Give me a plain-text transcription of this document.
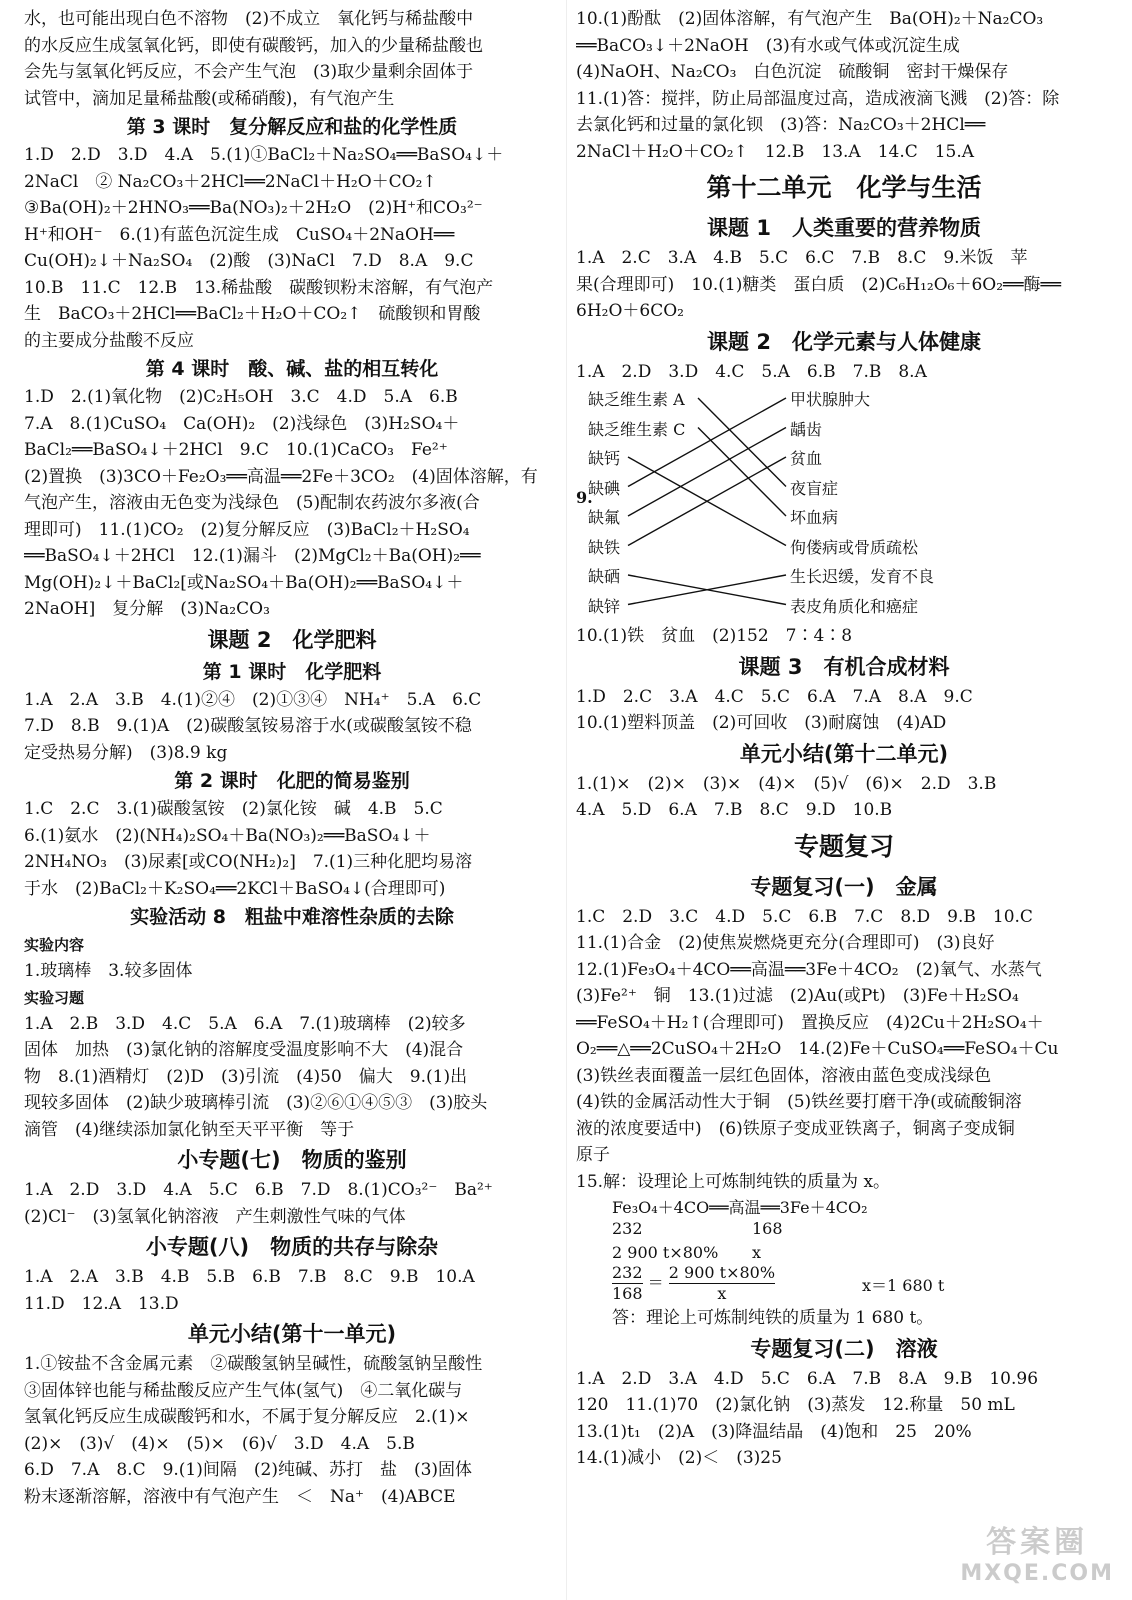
水，也可能出现白色不溶物　(2)不成立　氧化钙与稀盐酸中
的水反应生成氢氧化钙，即使有碳酸钙，加入的少量稀盐酸也
会先与氢氧化钙反应，不会产生气泡　(3)取少量剩余固体于
试管中，滴加足量稀盐酸(或稀硝酸)，有气泡产生
第 3 课时　复分解反应和盐的化学性质
1.D　2.D　3.D　4.A　5.(1)①BaCl₂＋Na₂SO₄══BaSO₄↓＋
2NaCl　② Na₂CO₃＋2HCl══2NaCl＋H₂O＋CO₂↑
③Ba(OH)₂＋2HNO₃══Ba(NO₃)₂＋2H₂O　(2)H⁺和CO₃²⁻
H⁺和OH⁻　6.(1)有蓝色沉淀生成　CuSO₄＋2NaOH══
Cu(OH)₂↓＋Na₂SO₄　(2)酸　(3)NaCl　7.D　8.A　9.C
10.B　11.C　12.B　13.稀盐酸　碳酸钡粉末溶解，有气泡产
生　BaCO₃＋2HCl══BaCl₂＋H₂O＋CO₂↑　硫酸钡和胃酸
的主要成分盐酸不反应
第 4 课时　酸、碱、盐的相互转化
1.D　2.(1)氧化物　(2)C₂H₅OH　3.C　4.D　5.A　6.B
7.A　8.(1)CuSO₄　Ca(OH)₂　(2)浅绿色　(3)H₂SO₄＋
BaCl₂══BaSO₄↓＋2HCl　9.C　10.(1)CaCO₃　Fe²⁺
(2)置换　(3)3CO＋Fe₂O₃══高温══2Fe＋3CO₂　(4)固体溶解，有
气泡产生，溶液由无色变为浅绿色　(5)配制农药波尔多液(合
理即可)　11.(1)CO₂　(2)复分解反应　(3)BaCl₂＋H₂SO₄
══BaSO₄↓＋2HCl　12.(1)漏斗　(2)MgCl₂＋Ba(OH)₂══
Mg(OH)₂↓＋BaCl₂[或Na₂SO₄＋Ba(OH)₂══BaSO₄↓＋
2NaOH]　复分解　(3)Na₂CO₃
课题 2　化学肥料
第 1 课时　化学肥料
1.A　2.A　3.B　4.(1)②④　(2)①③④　NH₄⁺　5.A　6.C
7.D　8.B　9.(1)A　(2)碳酸氢铵易溶于水(或碳酸氢铵不稳
定受热易分解)　(3)8.9 kg
第 2 课时　化肥的简易鉴别
1.C　2.C　3.(1)碳酸氢铵　(2)氯化铵　碱　4.B　5.C
6.(1)氨水　(2)(NH₄)₂SO₄＋Ba(NO₃)₂══BaSO₄↓＋
2NH₄NO₃　(3)尿素[或CO(NH₂)₂]　7.(1)三种化肥均易溶
于水　(2)BaCl₂＋K₂SO₄══2KCl＋BaSO₄↓(合理即可)
实验活动 8　粗盐中难溶性杂质的去除
实验内容
1.玻璃棒　3.较多固体
实验习题
1.A　2.B　3.D　4.C　5.A　6.A　7.(1)玻璃棒　(2)较多
固体　加热　(3)氯化钠的溶解度受温度影响不大　(4)混合
物　8.(1)酒精灯　(2)D　(3)引流　(4)50　偏大　9.(1)出
现较多固体　(2)缺少玻璃棒引流　(3)②⑥①④⑤③　(3)胶头
滴管　(4)继续添加氯化钠至天平平衡　等于
小专题(七)　物质的鉴别
1.A　2.D　3.D　4.A　5.C　6.B　7.D　8.(1)CO₃²⁻　Ba²⁺
(2)Cl⁻　(3)氢氧化钠溶液　产生刺激性气味的气体
小专题(八)　物质的共存与除杂
1.A　2.A　3.B　4.B　5.B　6.B　7.B　8.C　9.B　10.A
11.D　12.A　13.D
单元小结(第十一单元)
1.①铵盐不含金属元素　②碳酸氢钠呈碱性，硫酸氢钠呈酸性
③固体锌也能与稀盐酸反应产生气体(氢气)　④二氧化碳与
氢氧化钙反应生成碳酸钙和水，不属于复分解反应　2.(1)×
(2)×　(3)√　(4)×　(5)×　(6)√　3.D　4.A　5.B
6.D　7.A　8.C　9.(1)间隔　(2)纯碱、苏打　盐　(3)固体
粉末逐渐溶解，溶液中有气泡产生　＜　Na⁺　(4)ABCE
10.(1)酚酞　(2)固体溶解，有气泡产生　Ba(OH)₂＋Na₂CO₃
══BaCO₃↓＋2NaOH　(3)有水或气体或沉淀生成
(4)NaOH、Na₂CO₃　白色沉淀　硫酸铜　密封干燥保存
11.(1)答：搅拌，防止局部温度过高，造成液滴飞溅　(2)答：除
去氯化钙和过量的氯化钡　(3)答：Na₂CO₃＋2HCl══
2NaCl＋H₂O＋CO₂↑　12.B　13.A　14.C　15.A
第十二单元　化学与生活
课题 1　人类重要的营养物质
1.A　2.C　3.A　4.B　5.C　6.C　7.B　8.C　9.米饭　苹
果(合理即可)　10.(1)糖类　蛋白质　(2)C₆H₁₂O₆＋6O₂══酶══
6H₂O＋6CO₂
课题 2　化学元素与人体健康
1.A　2.D　3.D　4.C　5.A　6.B　7.B　8.A
9.
缺乏维生素 A
缺乏维生素 C
缺钙
缺碘
缺氟
缺铁
缺硒
缺锌
甲状腺肿大
龋齿
贫血
夜盲症
坏血病
佝偻病或骨质疏松
生长迟缓，发育不良
表皮角质化和癌症
10.(1)铁　贫血　(2)152　7∶4∶8
课题 3　有机合成材料
1.D　2.C　3.A　4.C　5.C　6.A　7.A　8.A　9.C
10.(1)塑料顶盖　(2)可回收　(3)耐腐蚀　(4)AD
单元小结(第十二单元)
1.(1)×　(2)×　(3)×　(4)×　(5)√　(6)×　2.D　3.B
4.A　5.D　6.A　7.B　8.C　9.D　10.B
专题复习
专题复习(一)　金属
1.C　2.D　3.C　4.D　5.C　6.B　7.C　8.D　9.B　10.C
11.(1)合金　(2)使焦炭燃烧更充分(合理即可)　(3)良好
12.(1)Fe₃O₄＋4CO══高温══3Fe＋4CO₂　(2)氧气、水蒸气
(3)Fe²⁺　铜　13.(1)过滤　(2)Au(或Pt)　(3)Fe＋H₂SO₄
══FeSO₄＋H₂↑(合理即可)　置换反应　(4)2Cu＋2H₂SO₄＋
O₂══△══2CuSO₄＋2H₂O　14.(2)Fe＋CuSO₄══FeSO₄＋Cu
(3)铁丝表面覆盖一层红色固体，溶液由蓝色变成浅绿色
(4)铁的金属活动性大于铜　(5)铁丝要打磨干净(或硫酸铜溶
液的浓度要适中)　(6)铁原子变成亚铁离子，铜离子变成铜
原子
15.解：设理论上可炼制纯铁的质量为 x。
Fe₃O₄＋4CO══高温══3Fe＋4CO₂
232	168
2 900 t×80% x
$\frac{232}{168} = \frac{2 900 t\times 80\%}{x}$	x＝1 680 t
答：理论上可炼制纯铁的质量为 1 680 t。
专题复习(二)　溶液
1.A　2.D　3.A　4.D　5.C　6.A　7.B　8.A　9.B　10.96
120　11.(1)70　(2)氯化钠　(3)蒸发　12.称量　50 mL
13.(1)t₁　(2)A　(3)降温结晶　(4)饱和　25　20%
14.(1)减小　(2)＜　(3)25
答案圈
MXQE.COM
